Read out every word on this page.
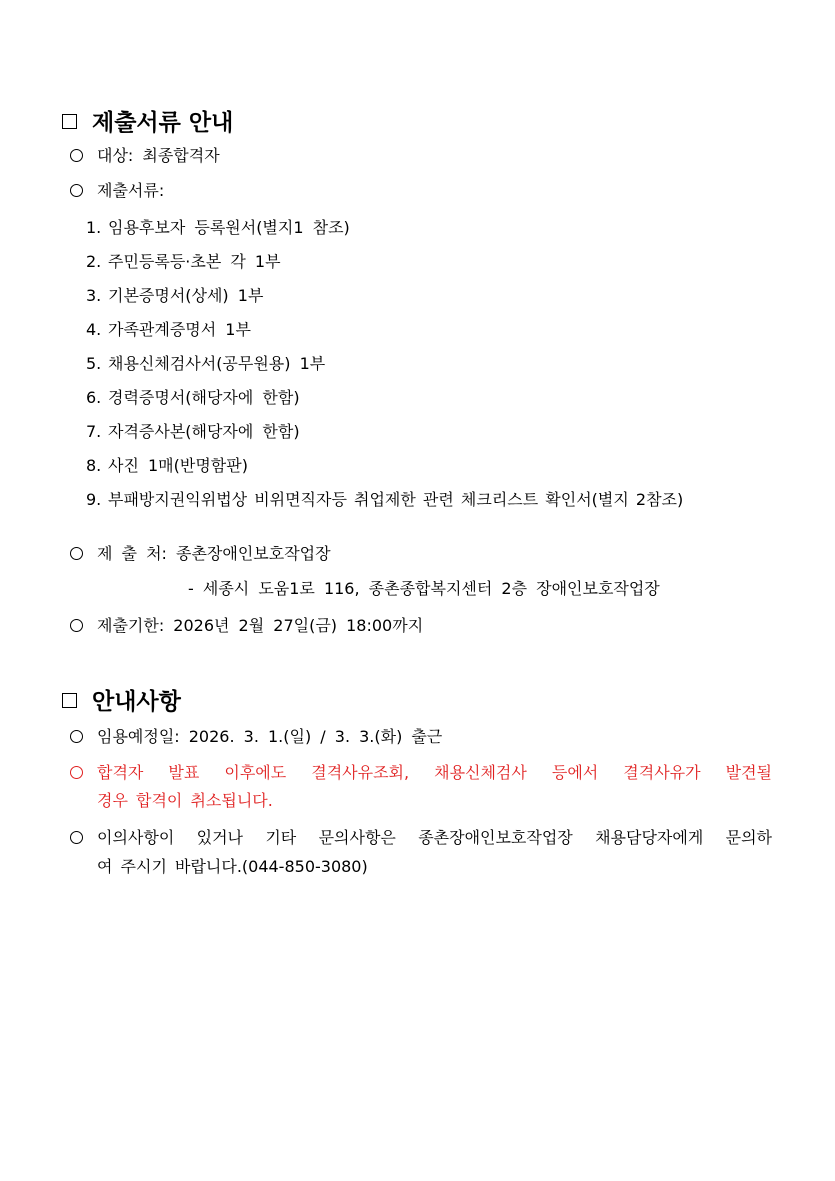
제출서류 안내
대상: 최종합격자
제출서류:
1. 임용후보자 등록원서(별지1 참조)
2. 주민등록등·초본 각 1부
3. 기본증명서(상세) 1부
4. 가족관계증명서 1부
5. 채용신체검사서(공무원용) 1부
6. 경력증명서(해당자에 한함)
7. 자격증사본(해당자에 한함)
8. 사진 1매(반명함판)
9. 부패방지권익위법상 비위면직자등 취업제한 관련 체크리스트 확인서(별지 2참조)
제 출 처: 종촌장애인보호작업장
- 세종시 도움1로 116, 종촌종합복지센터 2층 장애인보호작업장
제출기한: 2026년 2월 27일(금) 18:00까지
안내사항
임용예정일: 2026. 3. 1.(일) / 3. 3.(화) 출근
합격자 발표 이후에도 결격사유조회, 채용신체검사 등에서 결격사유가 발견될
경우 합격이 취소됩니다.
이의사항이 있거나 기타 문의사항은 종촌장애인보호작업장 채용담당자에게 문의하
여 주시기 바랍니다.(044-850-3080)
